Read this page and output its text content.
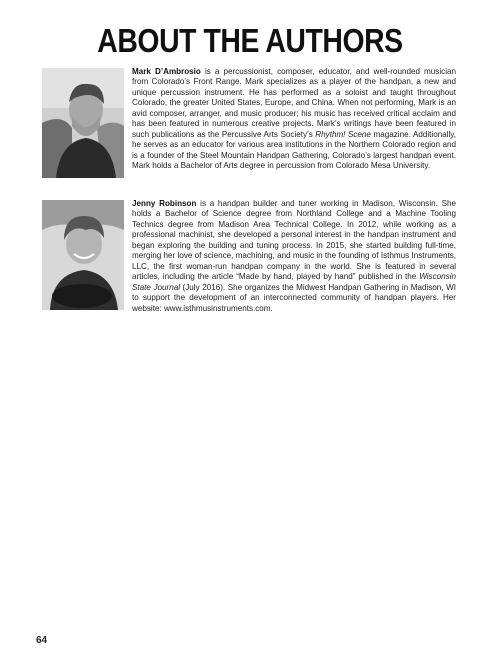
ABOUT THE AUTHORS
Mark D’Ambrosio is a percussionist, composer, educator, and well-rounded musician from Colorado’s Front Range. Mark specializes as a player of the handpan, a new and unique percussion instrument. He has performed as a soloist and taught throughout Colorado, the greater United States, Europe, and China. When not performing, Mark is an avid composer, arranger, and music producer; his music has received critical acclaim and has been featured in numerous creative projects. Mark’s writings have been featured in such publications as the Percussive Arts Society’s Rhythm! Scene magazine. Additionally, he serves as an educator for various area institutions in the Northern Colorado region and is a founder of the Steel Mountain Handpan Gathering, Colorado’s largest handpan event. Mark holds a Bachelor of Arts degree in percussion from Colorado Mesa University.
Jenny Robinson is a handpan builder and tuner working in Madison, Wisconsin. She holds a Bachelor of Science degree from Northland College and a Machine Tooling Technics degree from Madison Area Technical College. In 2012, while working as a professional machinist, she developed a personal interest in the handpan instrument and began exploring the building and tuning process. In 2015, she started building full-time, merging her love of science, machining, and music in the founding of Isthmus Instruments, LLC, the first woman-run handpan company in the world. She is featured in several articles, including the article “Made by hand, played by hand” published in the Wisconsin State Journal (July 2016). She organizes the Midwest Handpan Gathering in Madison, WI to support the development of an interconnected community of handpan players. Her website: www.isthmusinstruments.com.
64
